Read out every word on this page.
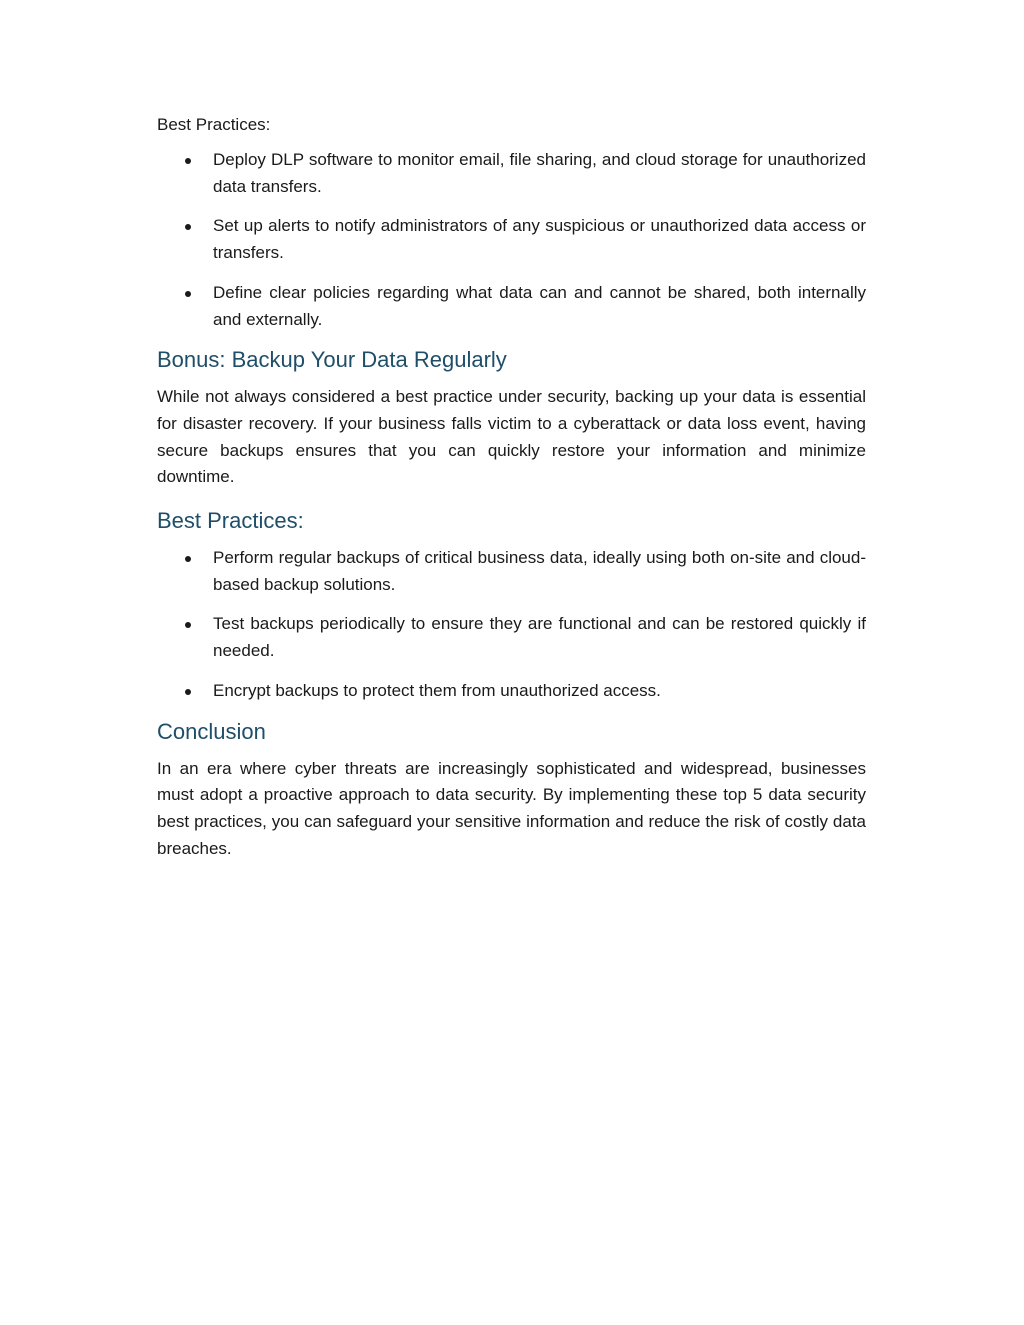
Best Practices:

Deploy DLP software to monitor email, file sharing, and cloud storage for unauthorized data transfers.
Set up alerts to notify administrators of any suspicious or unauthorized data access or transfers.
Define clear policies regarding what data can and cannot be shared, both internally and externally.
Bonus: Backup Your Data Regularly

While not always considered a best practice under security, backing up your data is essential for disaster recovery. If your business falls victim to a cyberattack or data loss event, having secure backups ensures that you can quickly restore your information and minimize downtime.

Best Practices:
Perform regular backups of critical business data, ideally using both on-site and cloud-based backup solutions.
Test backups periodically to ensure they are functional and can be restored quickly if needed.
Encrypt backups to protect them from unauthorized access.
Conclusion

In an era where cyber threats are increasingly sophisticated and widespread, businesses must adopt a proactive approach to data security. By implementing these top 5 data security best practices, you can safeguard your sensitive information and reduce the risk of costly data breaches.
